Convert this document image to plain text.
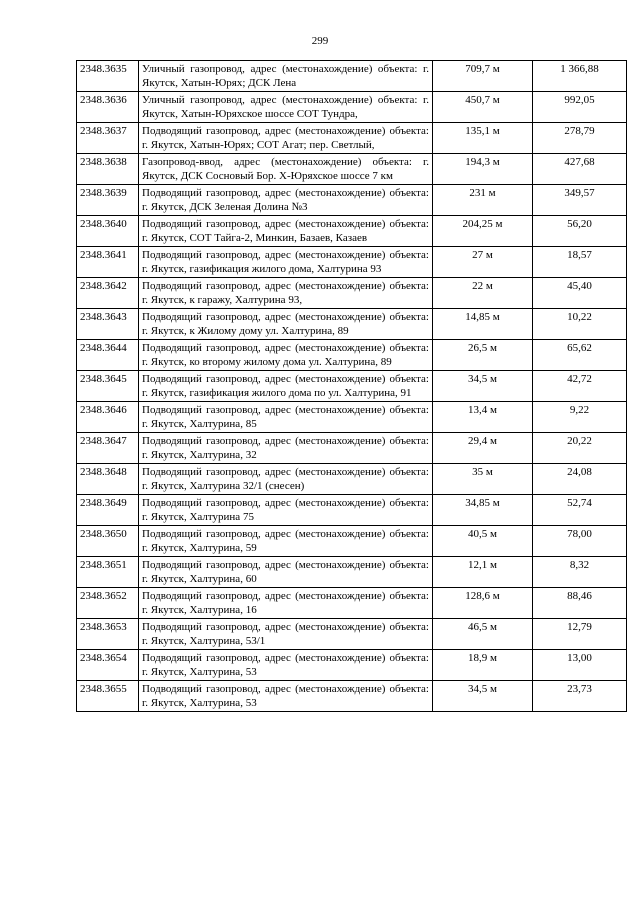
299
2348.3635	Уличный газопровод, адрес (местонахождение) объекта: г. Якутск, Хатын-Юрях; ДСК Лена	709,7 м	1 366,88
2348.3636	Уличный газопровод, адрес (местонахождение) объекта: г. Якутск, Хатын-Юряхское шоссе СОТ Тундра,	450,7 м	992,05
2348.3637	Подводящий газопровод, адрес (местонахождение) объекта: г. Якутск, Хатын-Юрях; СОТ Агат; пер. Светлый,	135,1 м	278,79
2348.3638	Газопровод-ввод, адрес (местонахождение) объекта: г. Якутск, ДСК Сосновый Бор. Х-Юряхское шоссе 7 км	194,3 м	427,68
2348.3639	Подводящий газопровод, адрес (местонахождение) объекта: г. Якутск, ДСК Зеленая Долина №3	231 м	349,57
2348.3640	Подводящий газопровод, адрес (местонахождение) объекта: г. Якутск, СОТ Тайга-2, Минкин, Базаев, Казаев	204,25 м	56,20
2348.3641	Подводящий газопровод, адрес (местонахождение) объекта: г. Якутск, газификация жилого дома, Халтурина 93	27 м	18,57
2348.3642	Подводящий газопровод, адрес (местонахождение) объекта: г. Якутск, к гаражу, Халтурина 93,	22 м	45,40
2348.3643	Подводящий газопровод, адрес (местонахождение) объекта: г. Якутск, к Жилому дому ул. Халтурина, 89	14,85 м	10,22
2348.3644	Подводящий газопровод, адрес (местонахождение) объекта: г. Якутск, ко второму жилому дома ул. Халтурина, 89	26,5 м	65,62
2348.3645	Подводящий газопровод, адрес (местонахождение) объекта: г. Якутск, газификация жилого дома по ул. Халтурина, 91	34,5 м	42,72
2348.3646	Подводящий газопровод, адрес (местонахождение) объекта: г. Якутск, Халтурина, 85	13,4 м	9,22
2348.3647	Подводящий газопровод, адрес (местонахождение) объекта: г. Якутск, Халтурина, 32	29,4 м	20,22
2348.3648	Подводящий газопровод, адрес (местонахождение) объекта: г. Якутск, Халтурина 32/1 (снесен)	35 м	24,08
2348.3649	Подводящий газопровод, адрес (местонахождение) объекта: г. Якутск, Халтурина 75	34,85 м	52,74
2348.3650	Подводящий газопровод, адрес (местонахождение) объекта: г. Якутск, Халтурина, 59	40,5 м	78,00
2348.3651	Подводящий газопровод, адрес (местонахождение) объекта: г. Якутск, Халтурина, 60	12,1 м	8,32
2348.3652	Подводящий газопровод, адрес (местонахождение) объекта: г. Якутск, Халтурина, 16	128,6 м	88,46
2348.3653	Подводящий газопровод, адрес (местонахождение) объекта: г. Якутск, Халтурина, 53/1	46,5 м	12,79
2348.3654	Подводящий газопровод, адрес (местонахождение) объекта: г. Якутск, Халтурина, 53	18,9 м	13,00
2348.3655	Подводящий газопровод, адрес (местонахождение) объекта: г. Якутск, Халтурина, 53	34,5 м	23,73
